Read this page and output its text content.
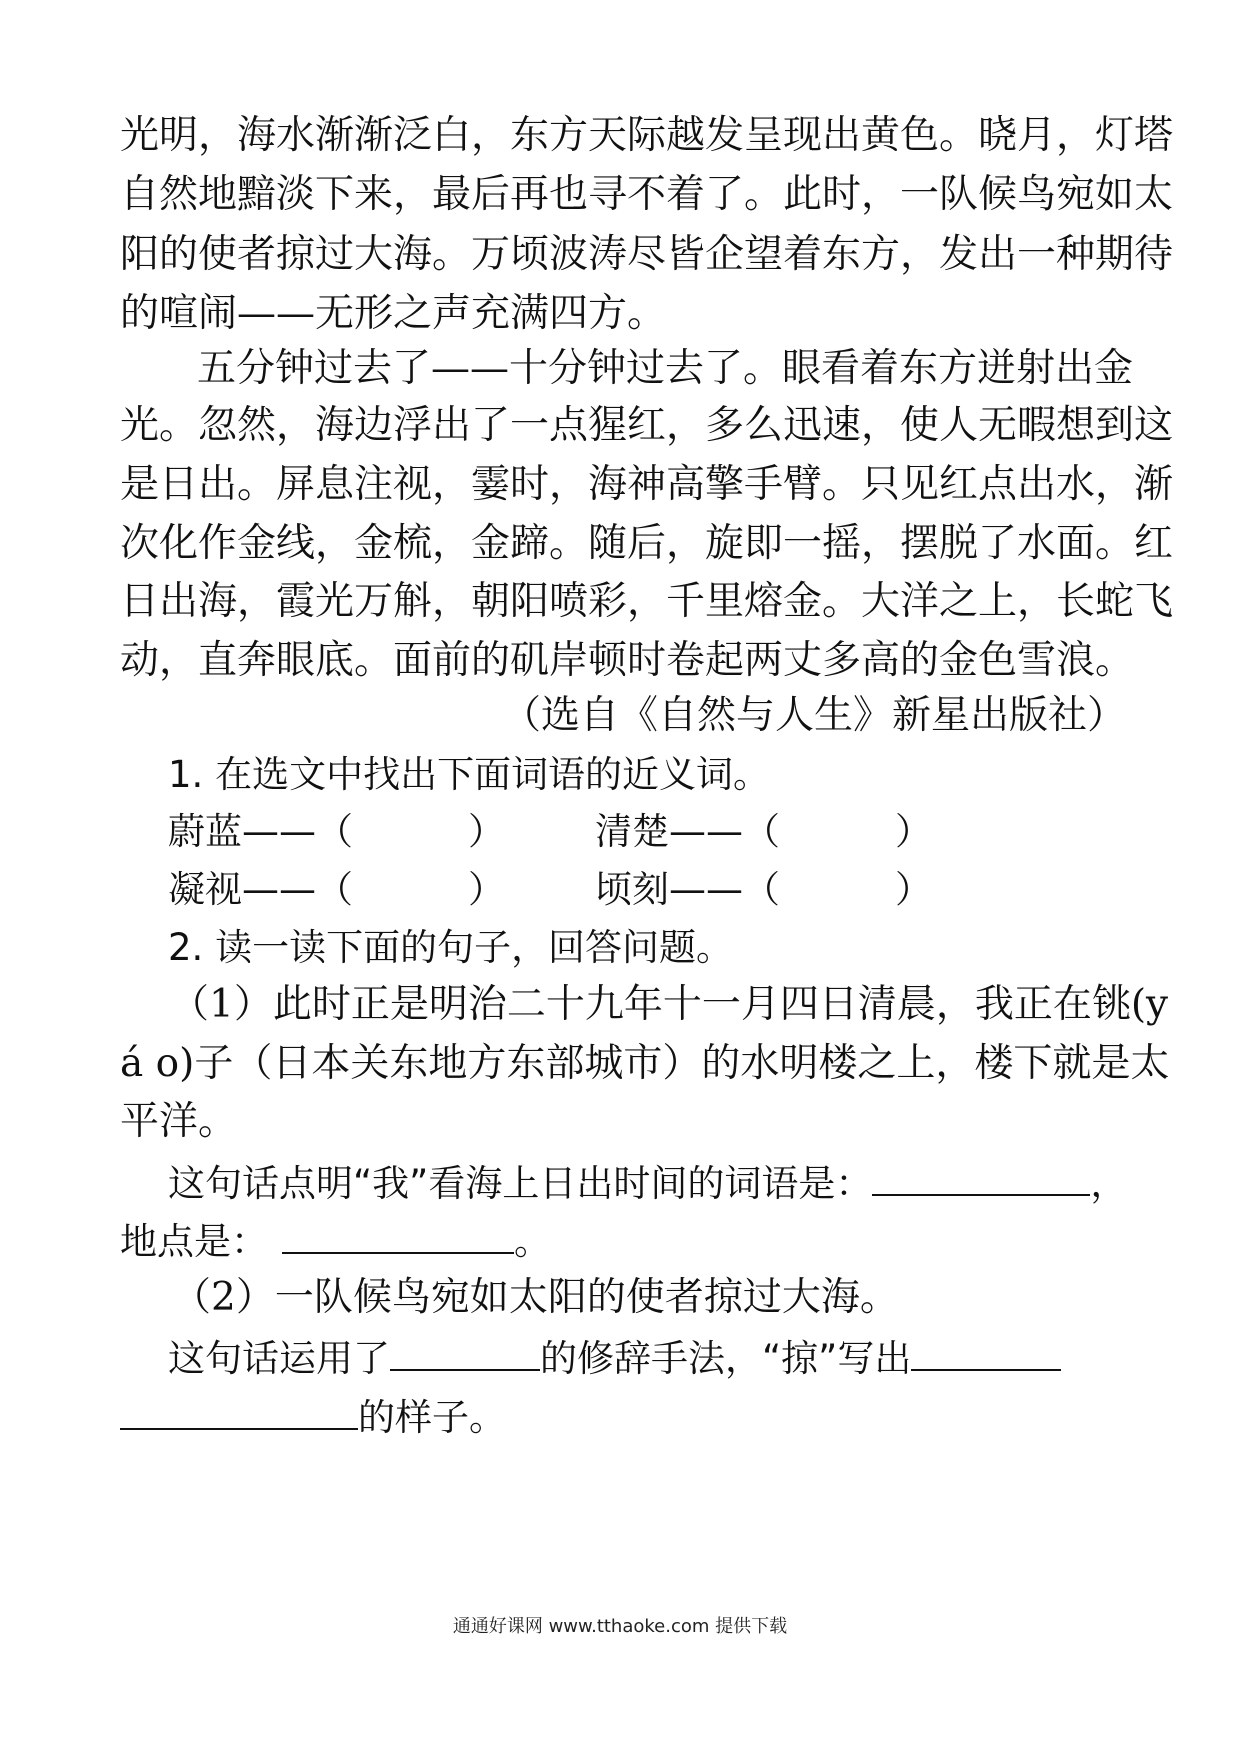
光明，海水渐渐泛白，东方天际越发呈现出黄色。晓月，灯塔
自然地黯淡下来，最后再也寻不着了。此时，一队候鸟宛如太
阳的使者掠过大海。万顷波涛尽皆企望着东方，发出一种期待
的喧闹——无形之声充满四方。
五分钟过去了——十分钟过去了。眼看着东方迸射出金
光。忽然，海边浮出了一点猩红，多么迅速，使人无暇想到这
是日出。屏息注视，霎时，海神高擎手臂。只见红点出水，渐
次化作金线，金梳，金蹄。随后，旋即一摇，摆脱了水面。红
日出海，霞光万斛，朝阳喷彩，千里熔金。大洋之上，长蛇飞
动，直奔眼底。面前的矶岸顿时卷起两丈多高的金色雪浪。
（选自《自然与人生》新星出版社）
1. 在选文中找出下面词语的近义词。
蔚蓝——（	） 清楚——（	）
凝视——（	） 顷刻——（	）
2. 读一读下面的句子，回答问题。
（1）此时正是明治二十九年十一月四日清晨，我正在铫(y
á o)子（日本关东地方东部城市）的水明楼之上，楼下就是太
平洋。
这句话点明“我”看海上日出时间的词语是：	，
地点是：	。
（2）一队候鸟宛如太阳的使者掠过大海。
这句话运用了	的修辞手法，“掠”写出
的样子。
通通好课网 www.tthaoke.com 提供下载
